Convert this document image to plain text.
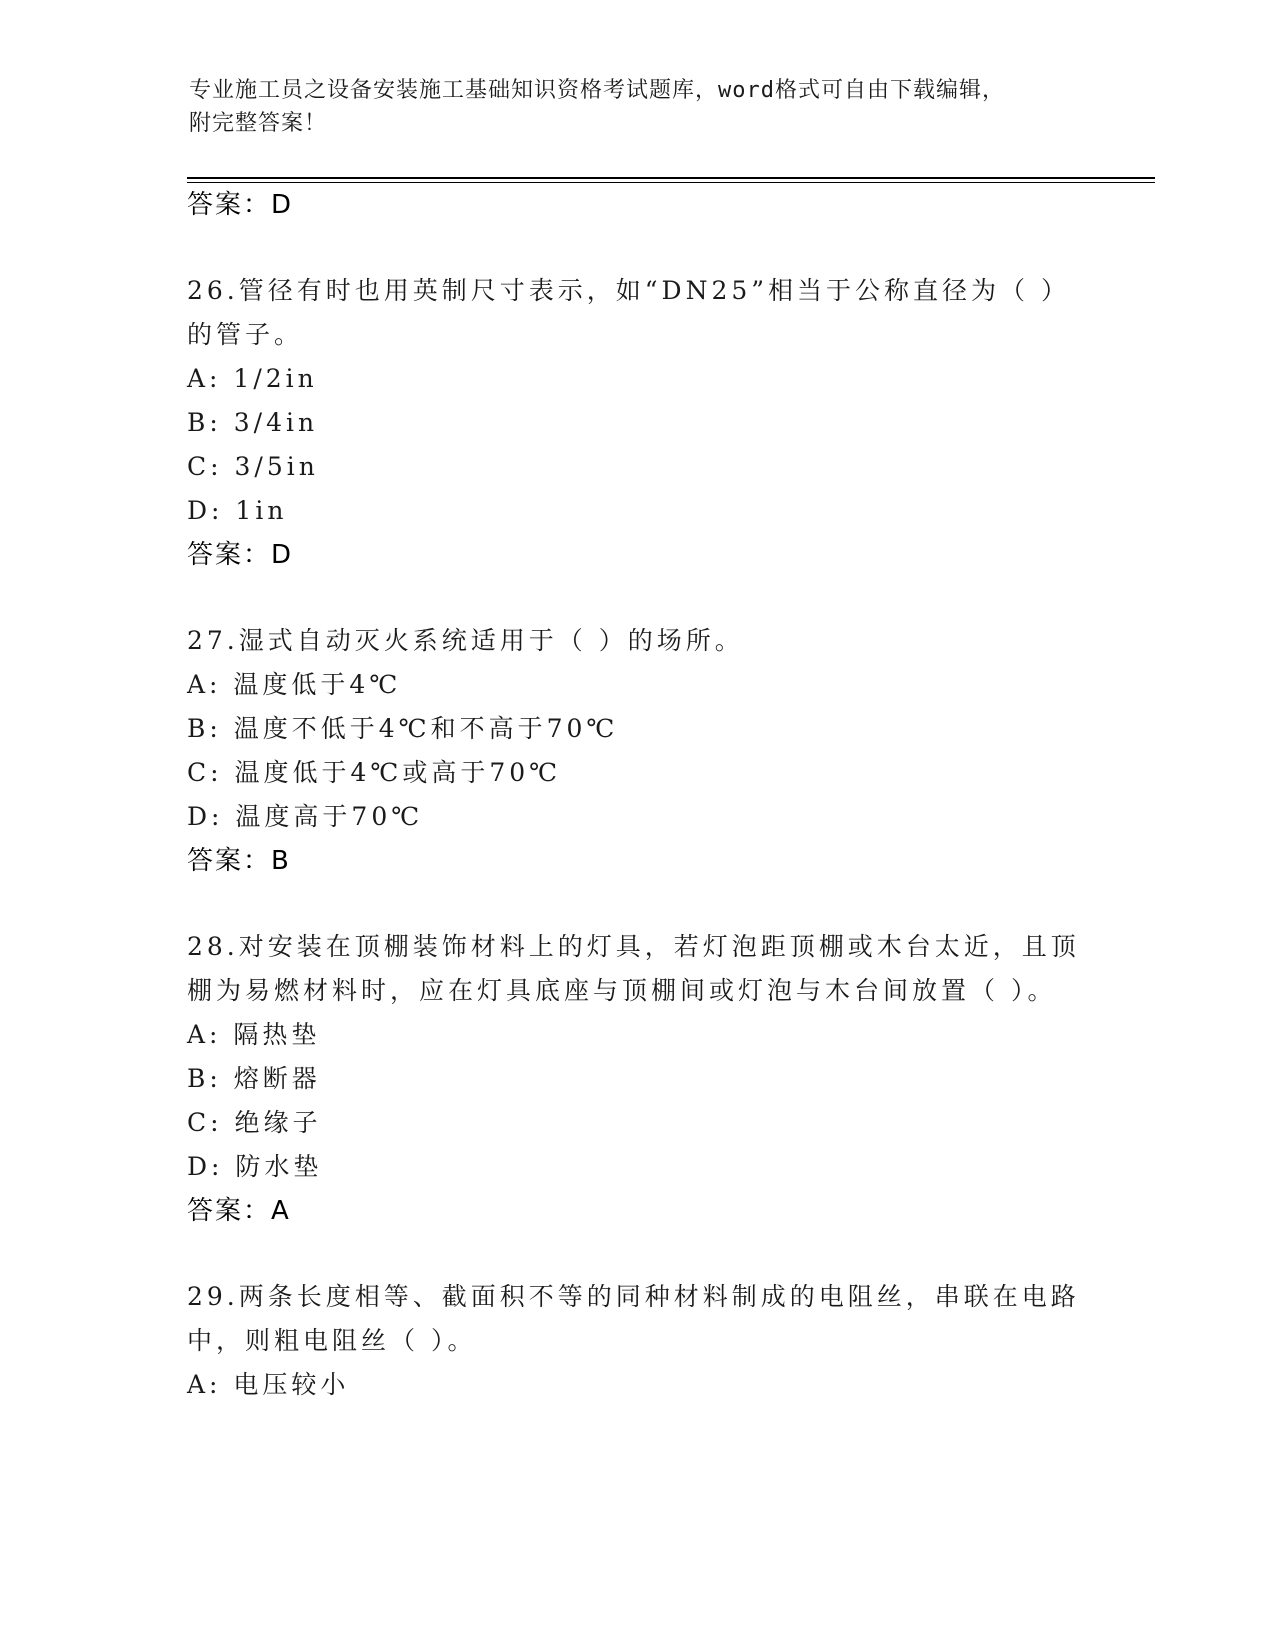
专业施工员之设备安装施工基础知识资格考试题库，word格式可自由下载编辑，
附完整答案！
答案：D
26.管径有时也用英制尺寸表示，如“DN25”相当于公称直径为（ ）
的管子。
A: 1/2in
B: 3/4in
C: 3/5in
D: 1in
答案：D
27.湿式自动灭火系统适用于（ ）的场所。
A: 温度低于4℃
B: 温度不低于4℃和不高于70℃
C: 温度低于4℃或高于70℃
D: 温度高于70℃
答案：B
28.对安装在顶棚装饰材料上的灯具，若灯泡距顶棚或木台太近，且顶
棚为易燃材料时，应在灯具底座与顶棚间或灯泡与木台间放置（ ）。
A: 隔热垫
B: 熔断器
C: 绝缘子
D: 防水垫
答案：A
29.两条长度相等、截面积不等的同种材料制成的电阻丝，串联在电路
中，则粗电阻丝（ ）。
A: 电压较小
